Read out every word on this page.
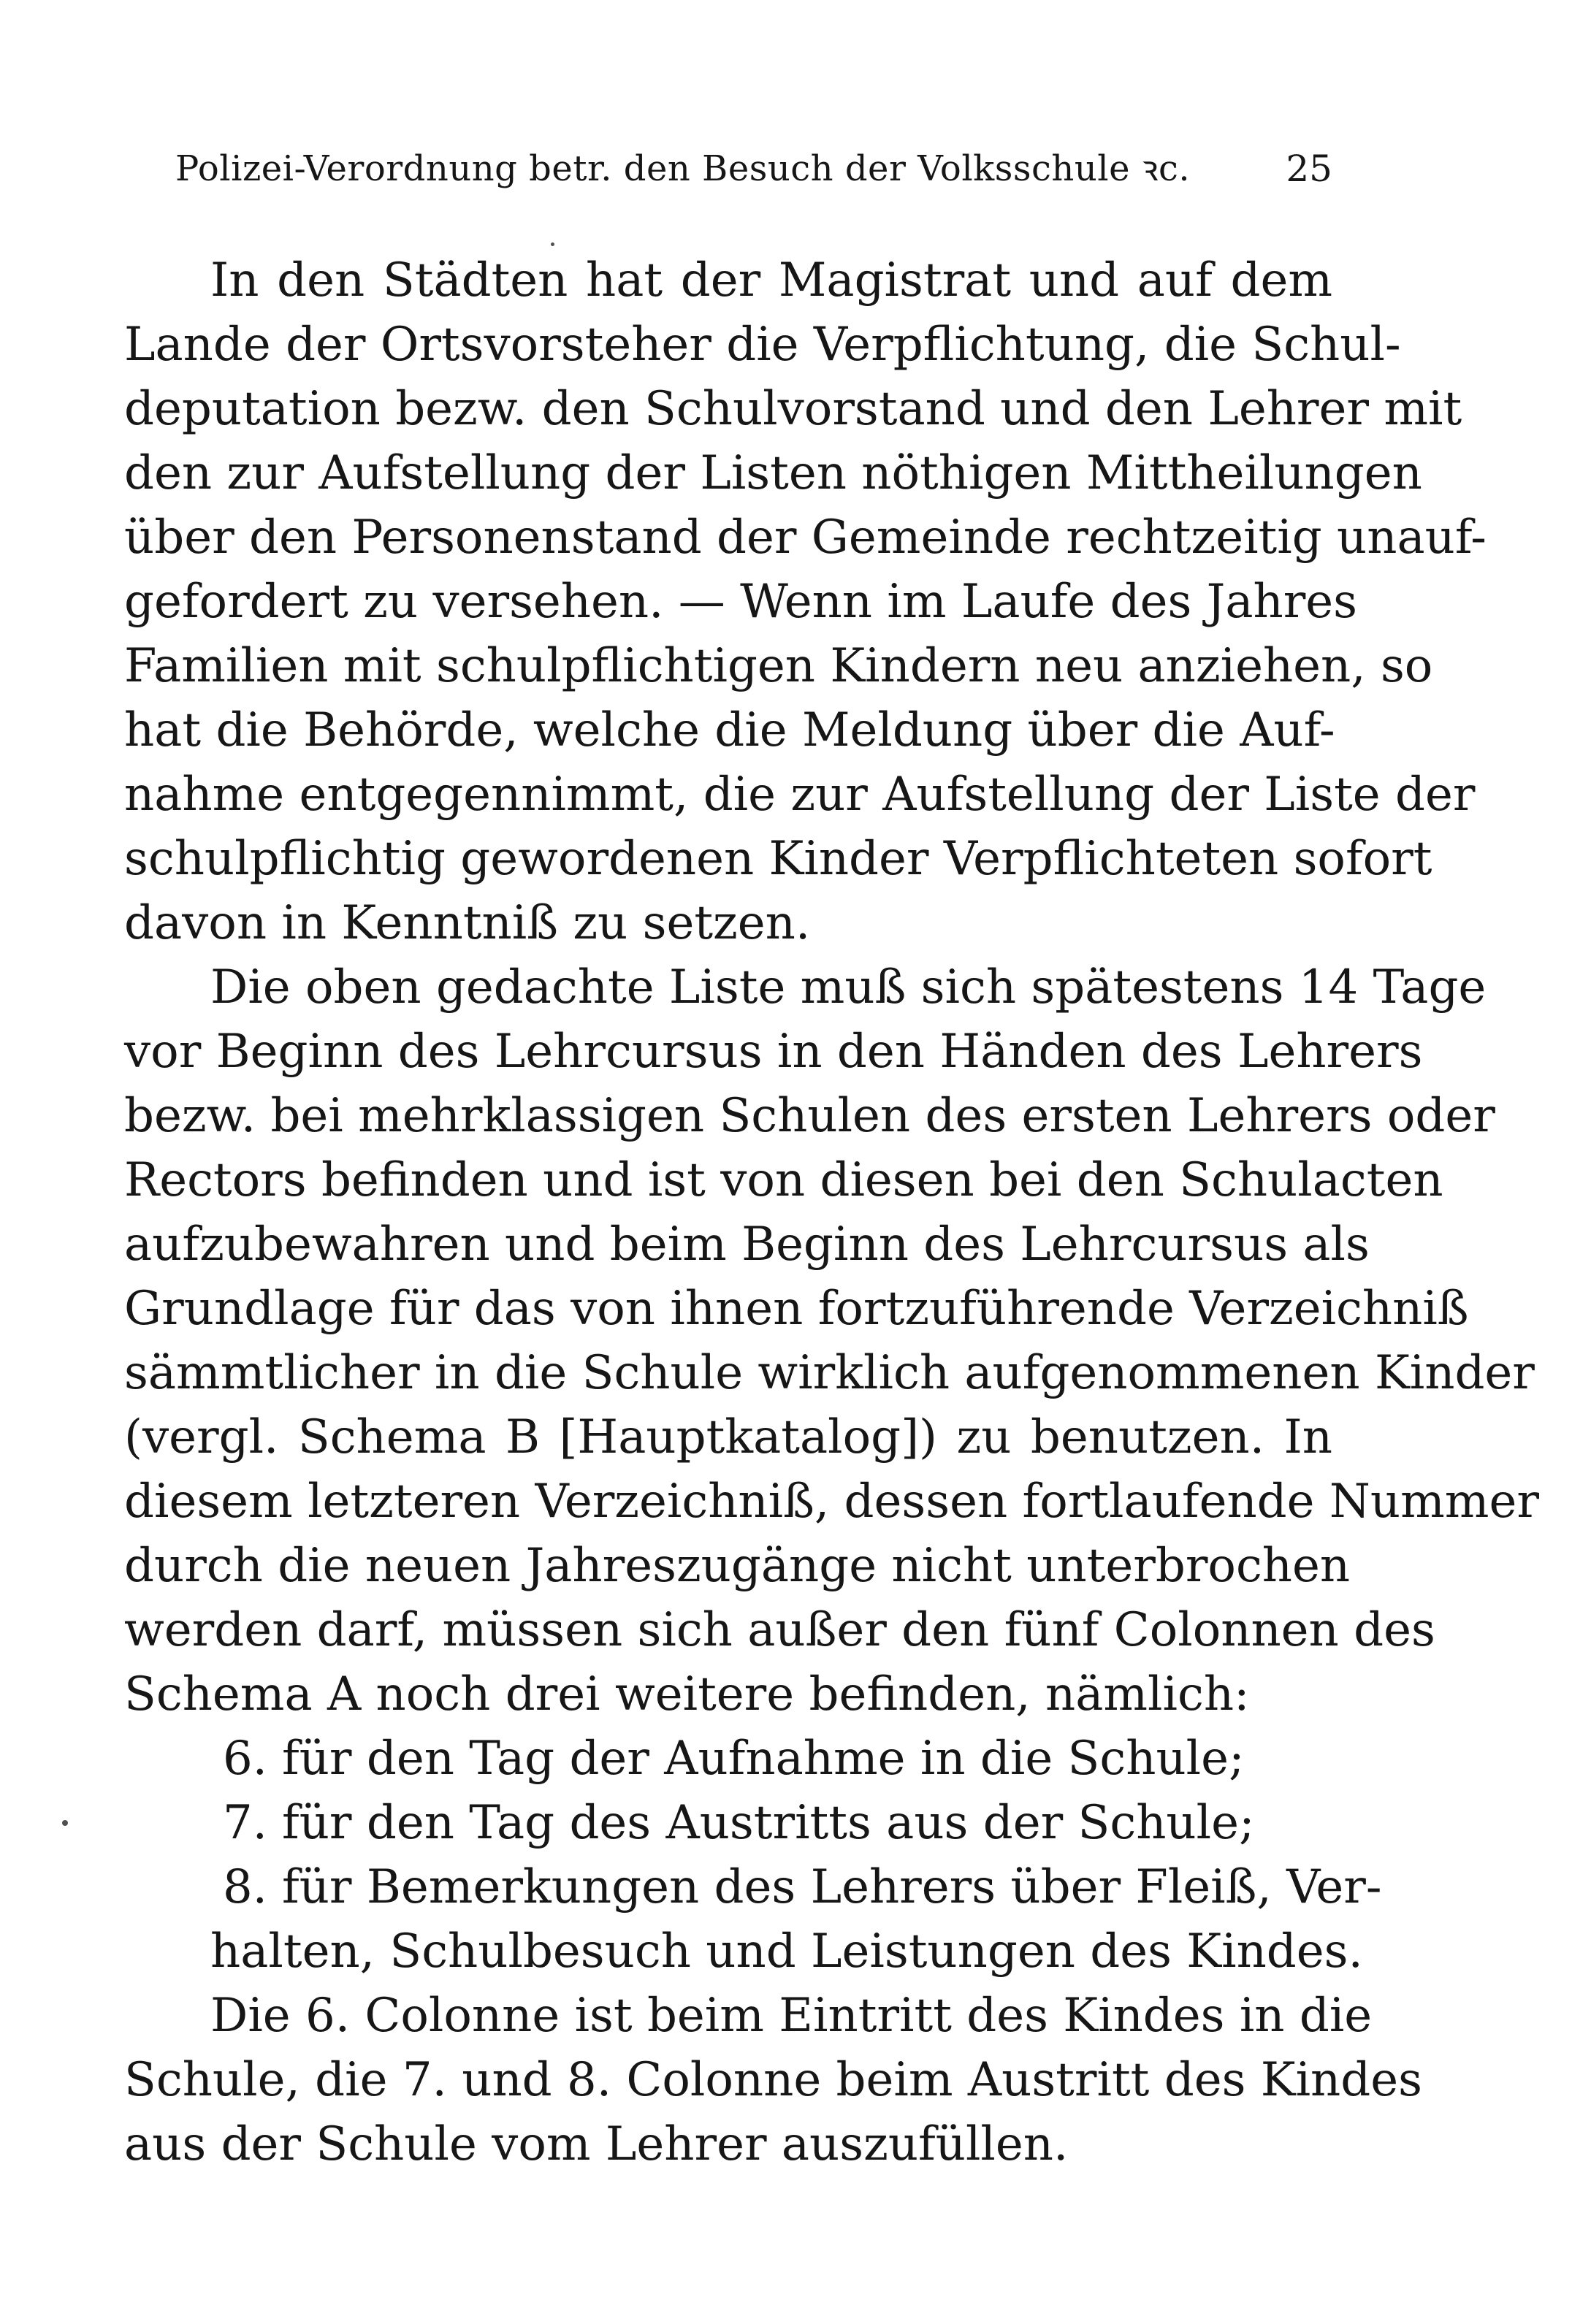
Polizei-Verordnung betr. den Besuch der Volksschule ꝛc.	25
In den Städten hat der Magistrat und auf dem
Lande der Ortsvorsteher die Verpflichtung, die Schul-
deputation bezw. den Schulvorstand und den Lehrer mit
den zur Aufstellung der Listen nöthigen Mittheilungen
über den Personenstand der Gemeinde rechtzeitig unauf-
gefordert zu versehen. — Wenn im Laufe des Jahres
Familien mit schulpflichtigen Kindern neu anziehen, so
hat die Behörde, welche die Meldung über die Auf-
nahme entgegennimmt, die zur Aufstellung der Liste der
schulpflichtig gewordenen Kinder Verpflichteten sofort
davon in Kenntniß zu setzen.
Die oben gedachte Liste muß sich spätestens 14 Tage
vor Beginn des Lehrcursus in den Händen des Lehrers
bezw. bei mehrklassigen Schulen des ersten Lehrers oder
Rectors befinden und ist von diesen bei den Schulacten
aufzubewahren und beim Beginn des Lehrcursus als
Grundlage für das von ihnen fortzuführende Verzeichniß
sämmtlicher in die Schule wirklich aufgenommenen Kinder
(vergl. Schema B [Hauptkatalog]) zu benutzen. In
diesem letzteren Verzeichniß, dessen fortlaufende Nummer
durch die neuen Jahreszugänge nicht unterbrochen
werden darf, müssen sich außer den fünf Colonnen des
Schema A noch drei weitere befinden, nämlich:
6. für den Tag der Aufnahme in die Schule;
7. für den Tag des Austritts aus der Schule;
8. für Bemerkungen des Lehrers über Fleiß, Ver-
halten, Schulbesuch und Leistungen des Kindes.
Die 6. Colonne ist beim Eintritt des Kindes in die
Schule, die 7. und 8. Colonne beim Austritt des Kindes
aus der Schule vom Lehrer auszufüllen.
